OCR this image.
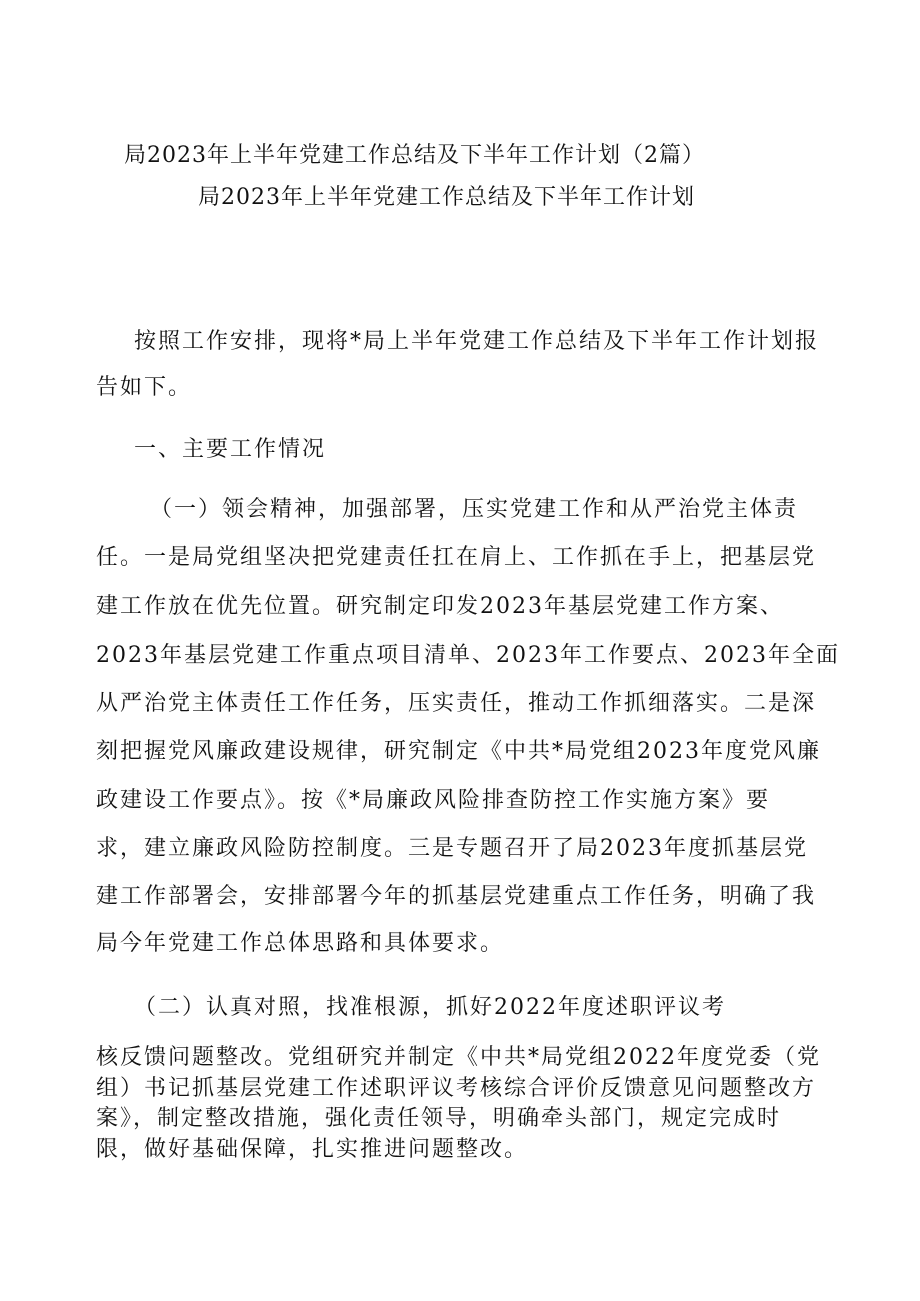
局2023年上半年党建工作总结及下半年工作计划（2篇）
局2023年上半年党建工作总结及下半年工作计划
按照工作安排，现将*局上半年党建工作总结及下半年工作计划报
告如下。
一、主要工作情况
（一）领会精神，加强部署，压实党建工作和从严治党主体责
任。一是局党组坚决把党建责任扛在肩上、工作抓在手上，把基层党
建工作放在优先位置。研究制定印发2023年基层党建工作方案、
2023年基层党建工作重点项目清单、2023年工作要点、2023年全面
从严治党主体责任工作任务，压实责任，推动工作抓细落实。二是深
刻把握党风廉政建设规律，研究制定《中共*局党组2023年度党风廉
政建设工作要点》。按《*局廉政风险排查防控工作实施方案》要
求，建立廉政风险防控制度。三是专题召开了局2023年度抓基层党
建工作部署会，安排部署今年的抓基层党建重点工作任务，明确了我
局今年党建工作总体思路和具体要求。
（二）认真对照，找准根源，抓好2022年度述职评议考
核反馈问题整改。党组研究并制定《中共*局党组2022年度党委（党
组）书记抓基层党建工作述职评议考核综合评价反馈意见问题整改方
案》，制定整改措施，强化责任领导，明确牵头部门，规定完成时
限，做好基础保障，扎实推进问题整改。
